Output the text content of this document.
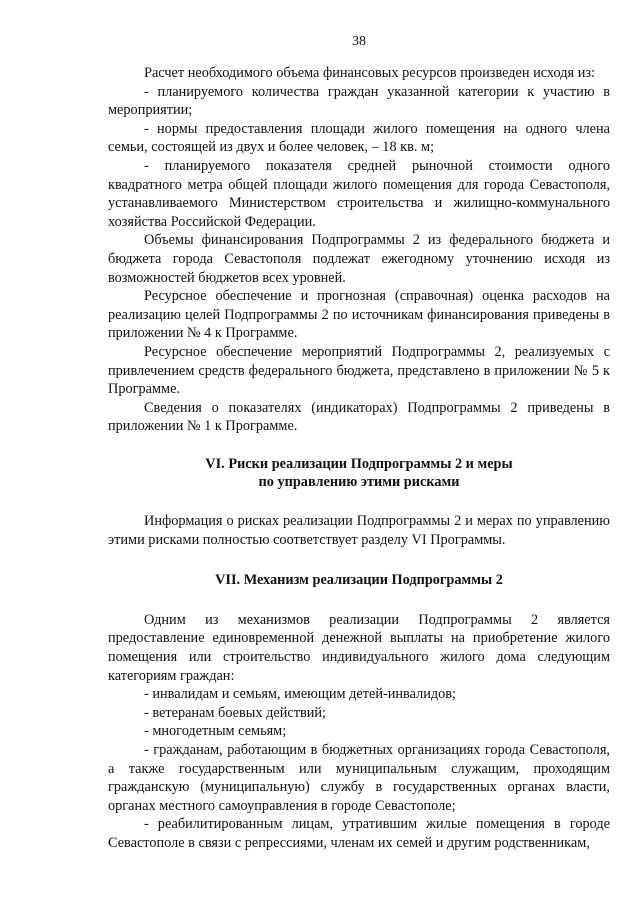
38

Расчет необходимого объема финансовых ресурсов произведен исходя из:

- планируемого количества граждан указанной категории к участию в мероприятии;

- нормы предоставления площади жилого помещения на одного члена семьи, состоящей из двух и более человек, – 18 кв. м;

- планируемого показателя средней рыночной стоимости одного квадратного метра общей площади жилого помещения для города Севастополя, устанавливаемого Министерством строительства и жилищно-коммунального хозяйства Российской Федерации.

Объемы финансирования Подпрограммы 2 из федерального бюджета и бюджета города Севастополя подлежат ежегодному уточнению исходя из возможностей бюджетов всех уровней.

Ресурсное обеспечение и прогнозная (справочная) оценка расходов на реализацию целей Подпрограммы 2 по источникам финансирования приведены в приложении № 4 к Программе.

Ресурсное обеспечение мероприятий Подпрограммы 2, реализуемых с привлечением средств федерального бюджета, представлено в приложении № 5 к Программе.

Сведения о показателях (индикаторах) Подпрограммы 2 приведены в приложении № 1 к Программе.

VI. Риски реализации Подпрограммы 2 и меры

по управлению этими рисками

Информация о рисках реализации Подпрограммы 2 и мерах по управлению этими рисками полностью соответствует разделу VI Программы.

VII. Механизм реализации Подпрограммы 2

Одним из механизмов реализации Подпрограммы 2 является предоставление единовременной денежной выплаты на приобретение жилого помещения или строительство индивидуального жилого дома следующим категориям граждан:

- инвалидам и семьям, имеющим детей-инвалидов;

- ветеранам боевых действий;

- многодетным семьям;

- гражданам, работающим в бюджетных организациях города Севастополя, а также государственным или муниципальным служащим, проходящим гражданскую (муниципальную) службу в государственных органах власти, органах местного самоуправления в городе Севастополе;

- реабилитированным лицам, утратившим жилые помещения в городе Севастополе в связи с репрессиями, членам их семей и другим родственникам,
